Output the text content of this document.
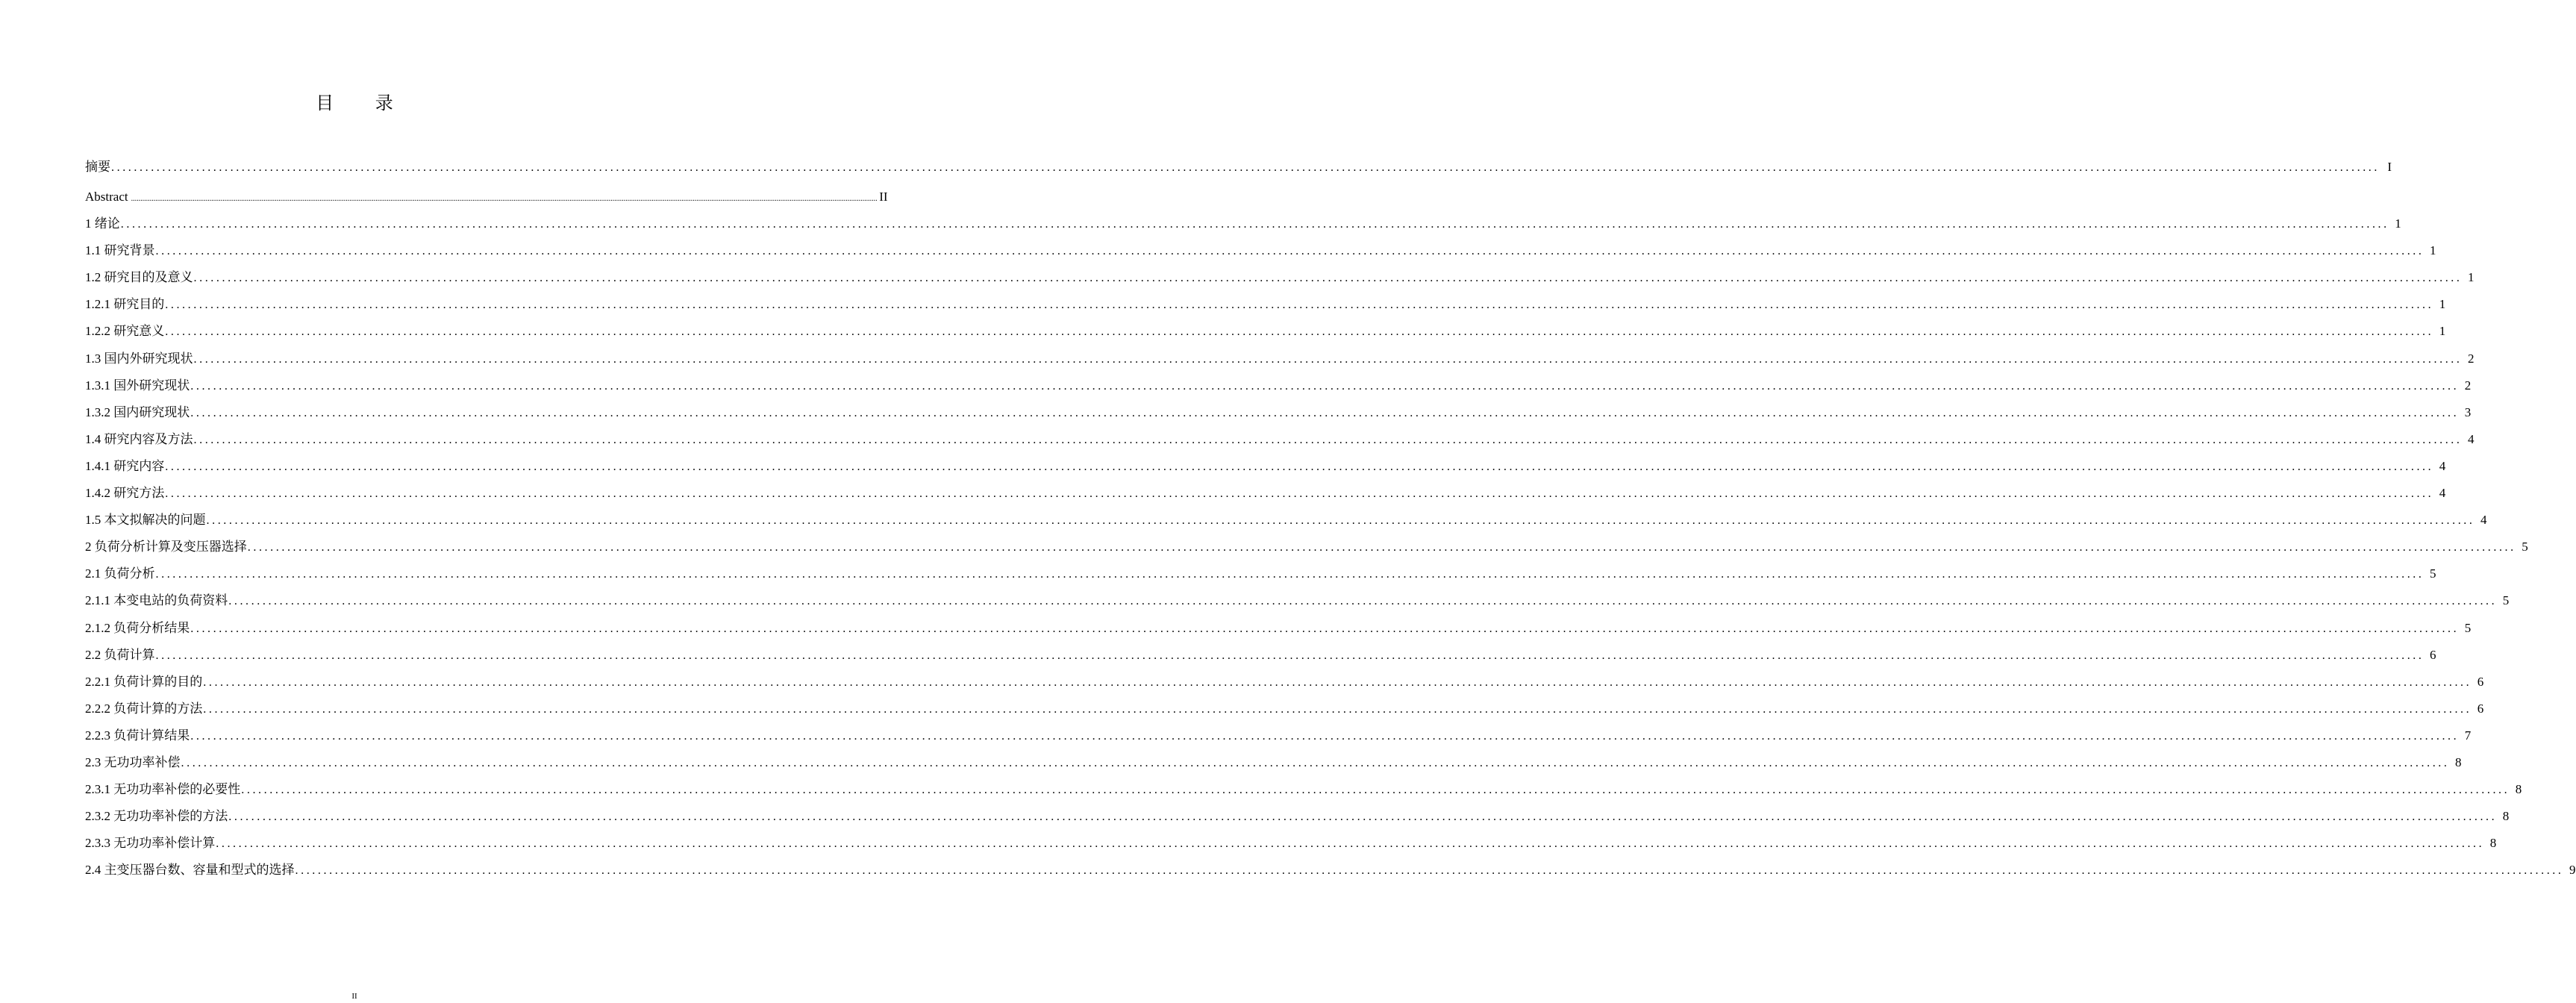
目 录
摘要 ................................................................................................................................................................................................................................................................................................................................................................................................................ I
Abstract ................................................................................................................................................................................................................................................................................................................................................................................................................ II
1 绪论 ................................................................................................................................................................................................................................................................................................................................................................................................................ 1
1.1 研究背景 ................................................................................................................................................................................................................................................................................................................................................................................................................ 1
1.2 研究目的及意义 ................................................................................................................................................................................................................................................................................................................................................................................................................ 1
1.2.1 研究目的 ................................................................................................................................................................................................................................................................................................................................................................................................................ 1
1.2.2 研究意义 ................................................................................................................................................................................................................................................................................................................................................................................................................ 1
1.3 国内外研究现状 ................................................................................................................................................................................................................................................................................................................................................................................................................ 2
1.3.1 国外研究现状 ................................................................................................................................................................................................................................................................................................................................................................................................................ 2
1.3.2 国内研究现状 ................................................................................................................................................................................................................................................................................................................................................................................................................ 3
1.4 研究内容及方法 ................................................................................................................................................................................................................................................................................................................................................................................................................ 4
1.4.1 研究内容 ................................................................................................................................................................................................................................................................................................................................................................................................................ 4
1.4.2 研究方法 ................................................................................................................................................................................................................................................................................................................................................................................................................ 4
1.5 本文拟解决的问题 ................................................................................................................................................................................................................................................................................................................................................................................................................ 4
2 负荷分析计算及变压器选择 ................................................................................................................................................................................................................................................................................................................................................................................................................ 5
2.1 负荷分析 ................................................................................................................................................................................................................................................................................................................................................................................................................ 5
2.1.1 本变电站的负荷资料 ................................................................................................................................................................................................................................................................................................................................................................................................................ 5
2.1.2 负荷分析结果 ................................................................................................................................................................................................................................................................................................................................................................................................................ 5
2.2 负荷计算 ................................................................................................................................................................................................................................................................................................................................................................................................................ 6
2.2.1 负荷计算的目的 ................................................................................................................................................................................................................................................................................................................................................................................................................ 6
2.2.2 负荷计算的方法 ................................................................................................................................................................................................................................................................................................................................................................................................................ 6
2.2.3 负荷计算结果 ................................................................................................................................................................................................................................................................................................................................................................................................................ 7
2.3 无功功率补偿 ................................................................................................................................................................................................................................................................................................................................................................................................................ 8
2.3.1 无功功率补偿的必要性 ................................................................................................................................................................................................................................................................................................................................................................................................................ 8
2.3.2 无功功率补偿的方法 ................................................................................................................................................................................................................................................................................................................................................................................................................ 8
2.3.3 无功功率补偿计算 ................................................................................................................................................................................................................................................................................................................................................................................................................ 8
2.4 主变压器台数、容量和型式的选择 ................................................................................................................................................................................................................................................................................................................................................................................................................ 9
II
